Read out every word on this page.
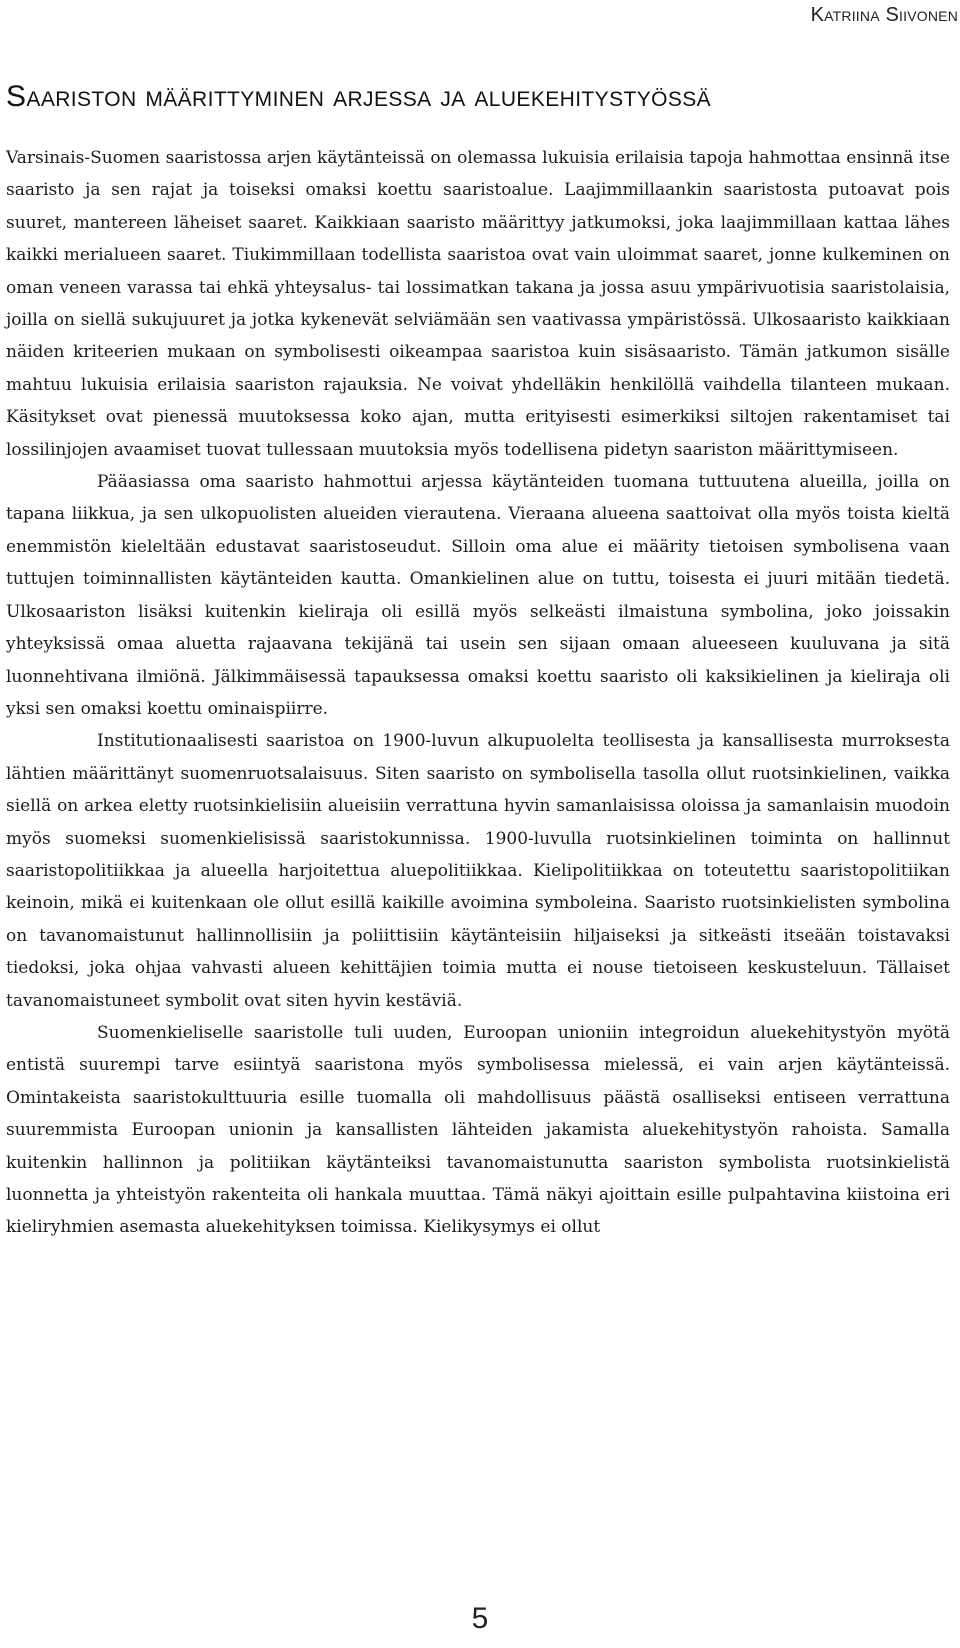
Katriina Siivonen
Saariston määrittyminen arjessa ja aluekehitystyössä

Varsinais-Suomen saaristossa arjen käytänteissä on olemassa lukuisia erilaisia tapoja hahmottaa ensinnä itse saaristo ja sen rajat ja toiseksi omaksi koettu saaristoalue. Laajimmillaankin saaristosta putoavat pois suuret, mantereen läheiset saaret. Kaikkiaan saaristo määrittyy jatkumoksi, joka laajimmillaan kattaa lähes kaikki merialueen saaret. Tiukimmillaan todellista saaristoa ovat vain uloimmat saaret, jonne kulkeminen on oman veneen varassa tai ehkä yhteysalus- tai lossimatkan takana ja jossa asuu ympärivuotisia saaristolaisia, joilla on siellä sukujuuret ja jotka kykenevät selviämään sen vaativassa ympäristössä. Ulkosaaristo kaikkiaan näiden kriteerien mukaan on symbolisesti oikeampaa saaristoa kuin sisäsaaristo. Tämän jatkumon sisälle mahtuu lukuisia erilaisia saariston rajauksia. Ne voivat yhdelläkin henkilöllä vaihdella tilanteen mukaan. Käsitykset ovat pienessä muutoksessa koko ajan, mutta erityisesti esimerkiksi siltojen rakentamiset tai lossilinjojen avaamiset tuovat tullessaan muutoksia myös todellisena pidetyn saariston määrittymiseen.

Pääasiassa oma saaristo hahmottui arjessa käytänteiden tuomana tuttuutena alueilla, joilla on tapana liikkua, ja sen ulkopuolisten alueiden vierautena. Vieraana alueena saattoivat olla myös toista kieltä enemmistön kieleltään edustavat saaristoseudut. Silloin oma alue ei määrity tietoisen symbolisena vaan tuttujen toiminnallisten käytänteiden kautta. Omankielinen alue on tuttu, toisesta ei juuri mitään tiedetä. Ulkosaariston lisäksi kuitenkin kieliraja oli esillä myös selkeästi ilmaistuna symbolina, joko joissakin yhteyksissä omaa aluetta rajaavana tekijänä tai usein sen sijaan omaan alueeseen kuuluvana ja sitä luonnehtivana ilmiönä. Jälkimmäisessä tapauksessa omaksi koettu saaristo oli kaksikielinen ja kieliraja oli yksi sen omaksi koettu ominaispiirre.

Institutionaalisesti saaristoa on 1900-luvun alkupuolelta teollisesta ja kansallisesta murroksesta lähtien määrittänyt suomenruotsalaisuus. Siten saaristo on symbolisella tasolla ollut ruotsinkielinen, vaikka siellä on arkea eletty ruotsinkielisiin alueisiin verrattuna hyvin samanlaisissa oloissa ja samanlaisin muodoin myös suomeksi suomenkielisissä saaristokunnissa. 1900-luvulla ruotsinkielinen toiminta on hallinnut saaristopolitiikkaa ja alueella harjoitettua aluepolitiikkaa. Kielipolitiikkaa on toteutettu saaristopolitiikan keinoin, mikä ei kuitenkaan ole ollut esillä kaikille avoimina symboleina. Saaristo ruotsinkielisten symbolina on tavanomaistunut hallinnollisiin ja poliittisiin käytänteisiin hiljaiseksi ja sitkeästi itseään toistavaksi tiedoksi, joka ohjaa vahvasti alueen kehittäjien toimia mutta ei nouse tietoiseen keskusteluun. Tällaiset tavanomaistuneet symbolit ovat siten hyvin kestäviä.

Suomenkieliselle saaristolle tuli uuden, Euroopan unioniin integroidun aluekehitystyön myötä entistä suurempi tarve esiintyä saaristona myös symbolisessa mielessä, ei vain arjen käytänteissä. Omintakeista saaristokulttuuria esille tuomalla oli mahdollisuus päästä osalliseksi entiseen verrattuna suuremmista Euroopan unionin ja kansallisten lähteiden jakamista aluekehitystyön rahoista. Samalla kuitenkin hallinnon ja politiikan käytänteiksi tavanomaistunutta saariston symbolista ruotsinkielistä luonnetta ja yhteistyön rakenteita oli hankala muuttaa. Tämä näkyi ajoittain esille pulpahtavina kiistoina eri kieliryhmien asemasta aluekehityksen toimissa. Kielikysymys ei ollut

5
